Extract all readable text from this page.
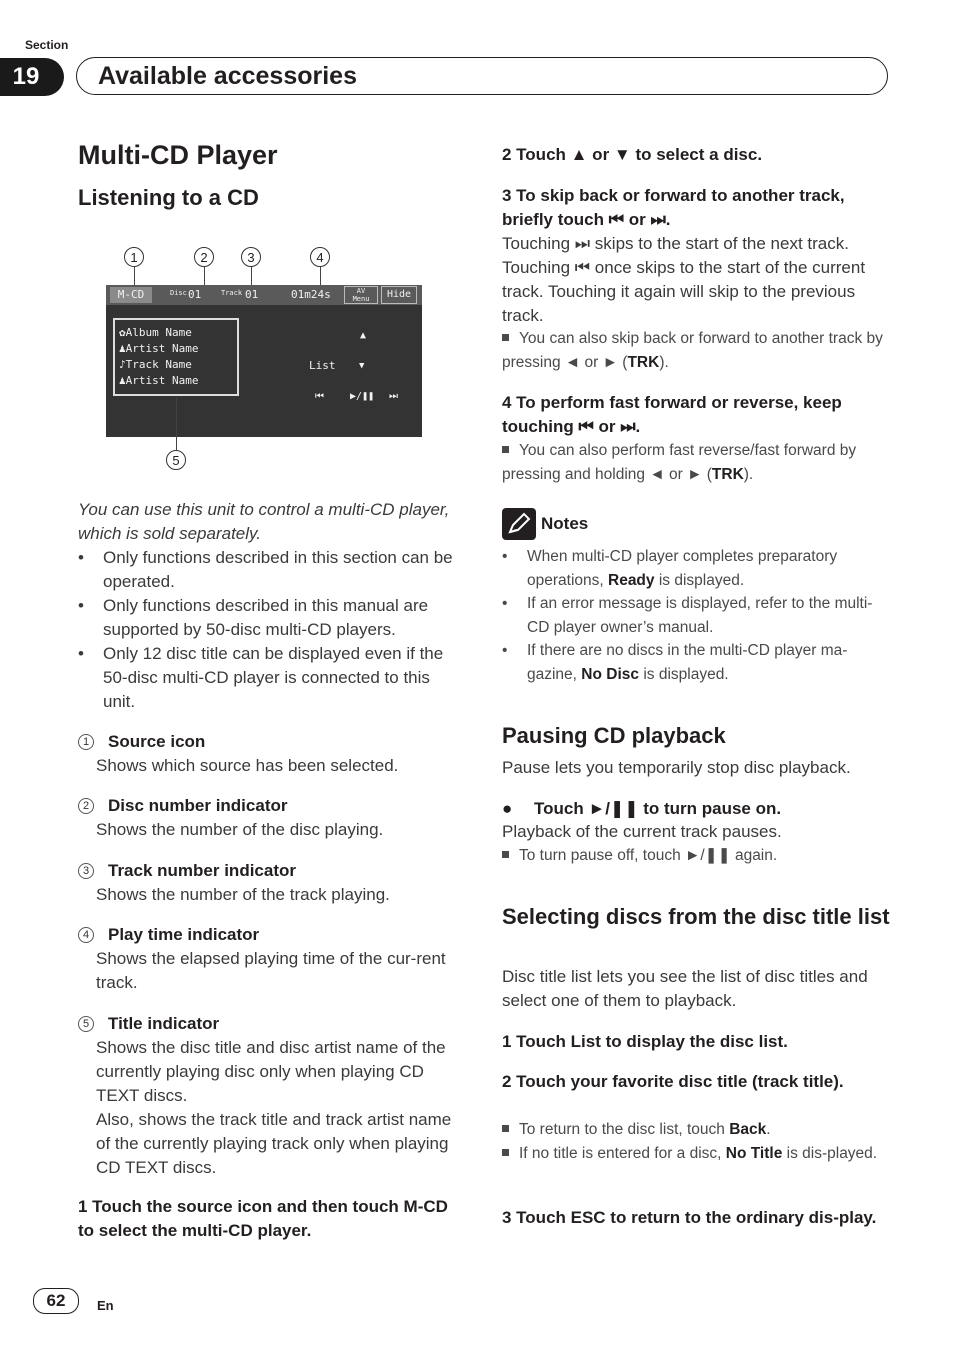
Section
19	Available accessories
Multi-CD Player
Listening to a CD
1	2	3	4
M-CD	Disc 01	Track 01	01m24s	AV
Menu	Hide
✿Album Name
♟Artist Name
♪Track Name
♟Artist Name
▲
List	▼
⏮	▶/❚❚ ⏭
5
You can use this unit to control a multi-CD player, which is sold separately.
•	Only functions described in this section can be operated.
•	Only functions described in this manual are supported by 50-disc multi-CD players.
•	Only 12 disc title can be displayed even if the 50-disc multi-CD player is connected to this unit.
1 Source icon
Shows which source has been selected.
2 Disc number indicator
Shows the number of the disc playing.
3 Track number indicator
Shows the number of the track playing.
4 Play time indicator
Shows the elapsed playing time of the cur-rent track.
5 Title indicator
Shows the disc title and disc artist name of the currently playing disc only when playing CD TEXT discs.
Also, shows the track title and track artist name of the currently playing track only when playing CD TEXT discs.
1 Touch the source icon and then touch M-CD to select the multi-CD player.
2 Touch ▲ or ▼ to select a disc.
3 To skip back or forward to another track, briefly touch ⏮ or ⏭.
Touching ⏭ skips to the start of the next track. Touching ⏮ once skips to the start of the current track. Touching it again will skip to the previous track.
You can also skip back or forward to another track by pressing ◄ or ► (TRK).
4 To perform fast forward or reverse, keep touching ⏮ or ⏭.
You can also perform fast reverse/fast forward by pressing and holding ◄ or ► (TRK).
Notes
•	When multi-CD player completes preparatory operations, Ready is displayed.
•	If an error message is displayed, refer to the multi-CD player owner’s manual.
•	If there are no discs in the multi-CD player ma-gazine, No Disc is displayed.
Pausing CD playback
Pause lets you temporarily stop disc playback.
● Touch ►/❚❚ to turn pause on.
Playback of the current track pauses.
To turn pause off, touch ►/❚❚ again.
Selecting discs from the disc title list
Disc title list lets you see the list of disc titles and select one of them to playback.
1 Touch List to display the disc list.
2 Touch your favorite disc title (track title).
To return to the disc list, touch Back.
If no title is entered for a disc, No Title is dis-played.
3 Touch ESC to return to the ordinary dis-play.
62	En
